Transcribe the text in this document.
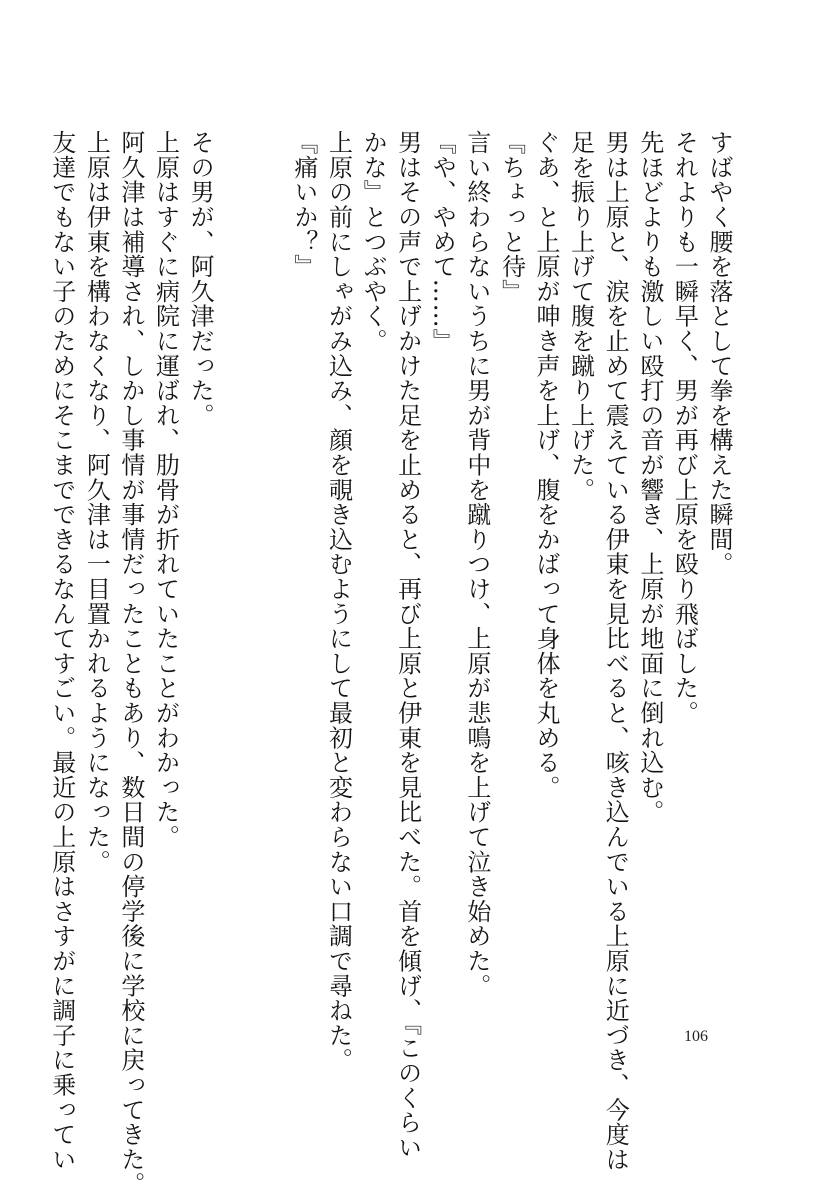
すばやく腰を落として拳を構えた瞬間。
それよりも一瞬早く、男が再び上原を殴り飛ばした。
先ほどよりも激しい殴打の音が響き、上原が地面に倒れ込む。
男は上原と、涙を止めて震えている伊東を見比べると、咳き込んでいる上原に近づき、今度は
足を振り上げて腹を蹴り上げた。
ぐあ、と上原が呻き声を上げ、腹をかばって身体を丸める。
『ちょっと待』
言い終わらないうちに男が背中を蹴りつけ、上原が悲鳴を上げて泣き始めた。
『や、やめて……』
男はその声で上げかけた足を止めると、再び上原と伊東を見比べた。首を傾げ、『このくらい
かな』とつぶやく。
上原の前にしゃがみ込み、顔を覗き込むようにして最初と変わらない口調で尋ねた。
『痛いか？』
その男が、阿久津だった。
上原はすぐに病院に運ばれ、肋骨が折れていたことがわかった。
阿久津は補導され、しかし事情が事情だったこともあり、数日間の停学後に学校に戻ってきた。
上原は伊東を構わなくなり、阿久津は一目置かれるようになった。
友達でもない子のためにそこまでできるなんてすごい。最近の上原はさすがに調子に乗ってい	106
